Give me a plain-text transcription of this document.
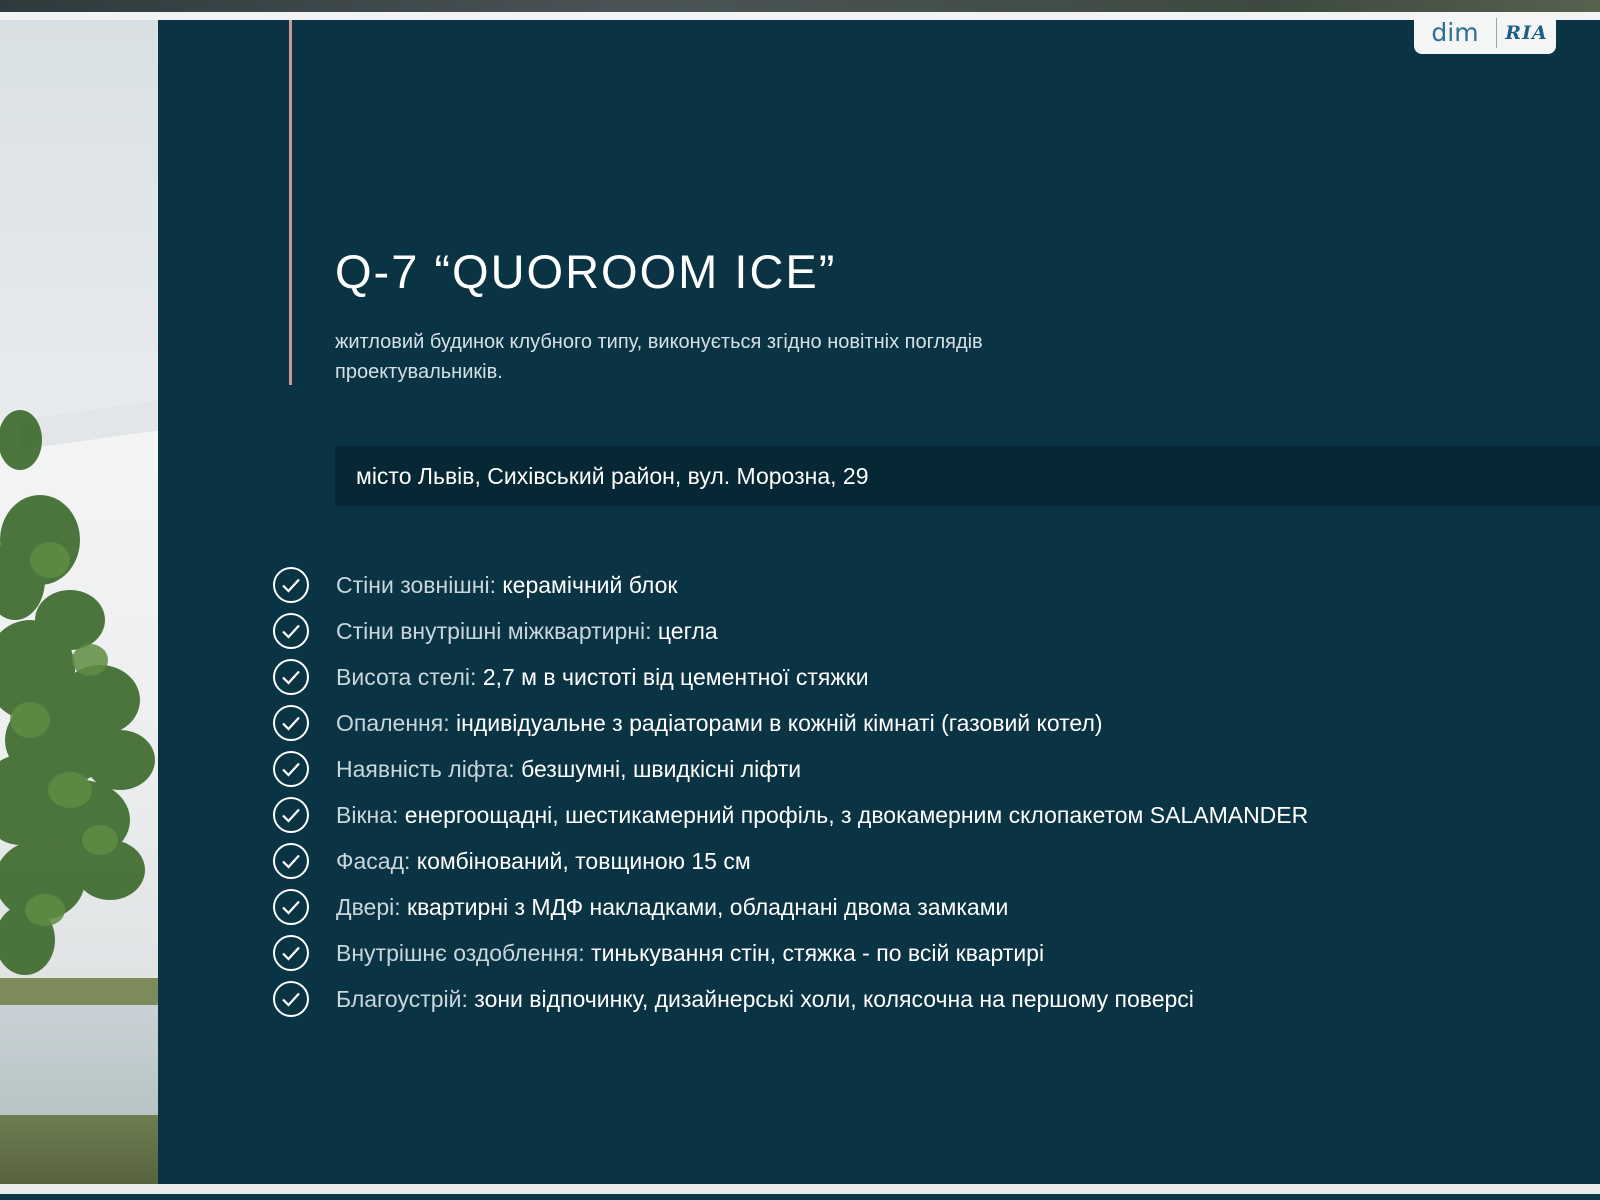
dim	RIA
Q-7 “QUOROOM ICE”
житловий будинок клубного типу, виконується згідно новітніх поглядів проектувальників.
місто Львів, Сихівський район, вул. Морозна, 29
Стіни зовнішні: керамічний блок
Стіни внутрішні міжквартирні: цегла
Висота стелі: 2,7 м в чистоті від цементної стяжки
Опалення: індивідуальне з радіаторами в кожній кімнаті (газовий котел)
Наявність ліфта: безшумні, швидкісні ліфти
Вікна: енергоощадні, шестикамерний профіль, з двокамерним склопакетом SALAMANDER
Фасад: комбінований, товщиною 15 см
Двері: квартирні з МДФ накладками, обладнані двома замками
Внутрішнє оздоблення: тинькування стін, стяжка - по всій квартирі
Благоустрій: зони відпочинку, дизайнерські холи, колясочна на першому поверсі
